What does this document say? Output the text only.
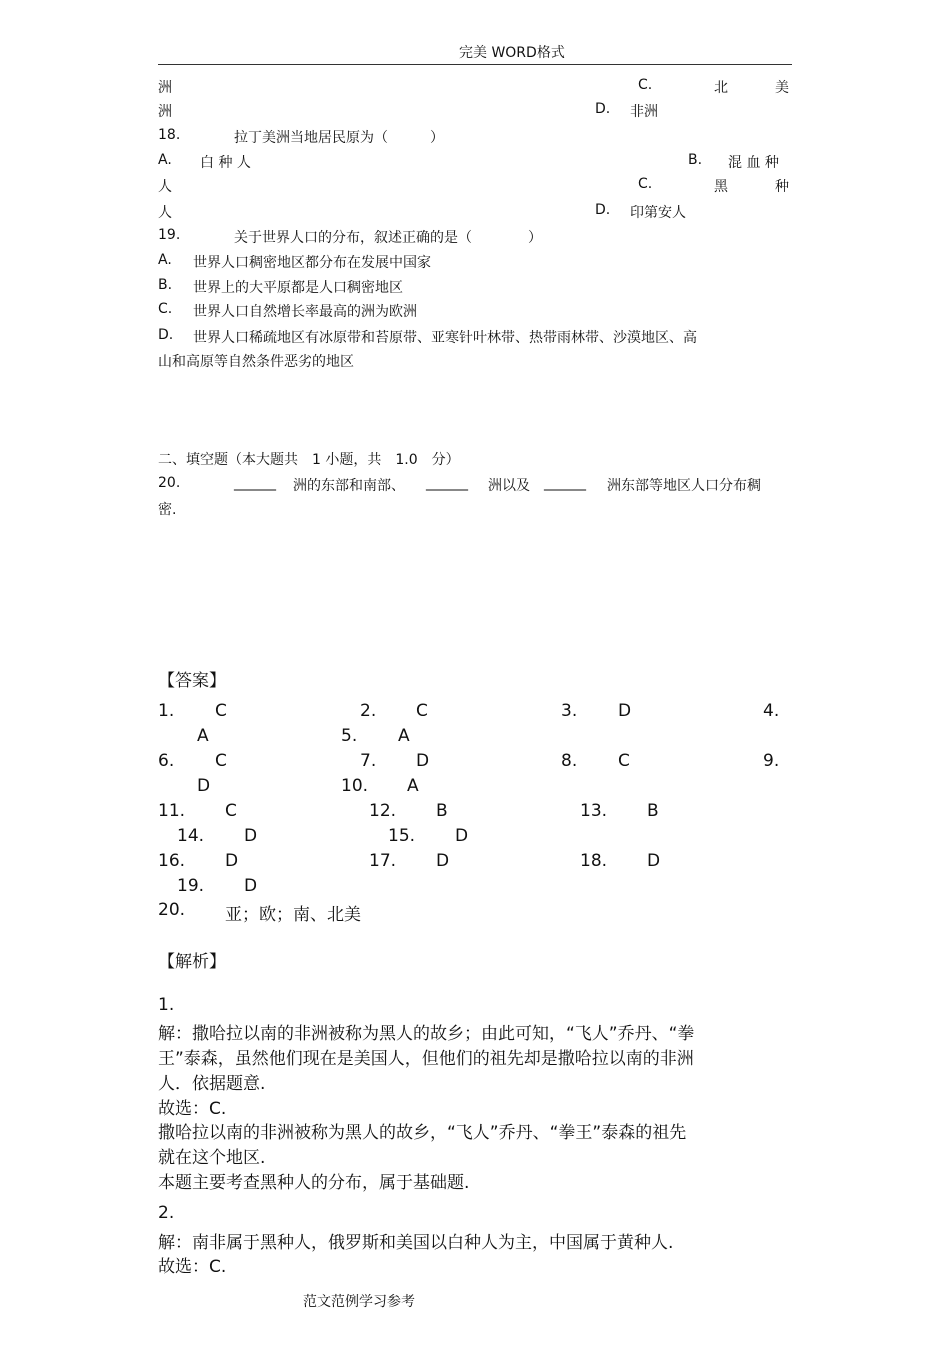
完美 WORD格式
洲	C.	北	美
洲	D. 非洲
18.	拉丁美洲当地居民原为（　　　）
A. 白 种 人	B. 混 血 种
人	C.	黑	种
人	D. 印第安人
19.	关于世界人口的分布，叙述正确的是（　　　　）
A. 世界人口稠密地区都分布在发展中国家
B. 世界上的大平原都是人口稠密地区
C. 世界人口自然增长率最高的洲为欧洲
D. 世界人口稀疏地区有冰原带和苔原带、亚寒针叶林带、热带雨林带、沙漠地区、高
山和高原等自然条件恶劣的地区
二、填空题（本大题共　1 小题，共　1.0　分）
20.	______ 洲的东部和南部、 ______ 洲以及 ______ 洲东部等地区人口分布稠
密.
【答案】
1. C	2. C	3. D	4.
A	5. A
6. C	7. D	8. C	9.
D	10. A
11. C	12. B	13. B
14. D	15. D
16. D	17. D	18. D
19. D
20. 亚；欧；南、北美
【解析】
1.
解：撒哈拉以南的非洲被称为黑人的故乡；由此可知，“飞人”乔丹、“拳
王”泰森，虽然他们现在是美国人，但他们的祖先却是撒哈拉以南的非洲
人．依据题意.
故选：C.
撒哈拉以南的非洲被称为黑人的故乡，“飞人”乔丹、“拳王”泰森的祖先
就在这个地区.
本题主要考查黑种人的分布，属于基础题.
2.
解：南非属于黑种人，俄罗斯和美国以白种人为主，中国属于黄种人.
故选：C.
范文范例学习参考
